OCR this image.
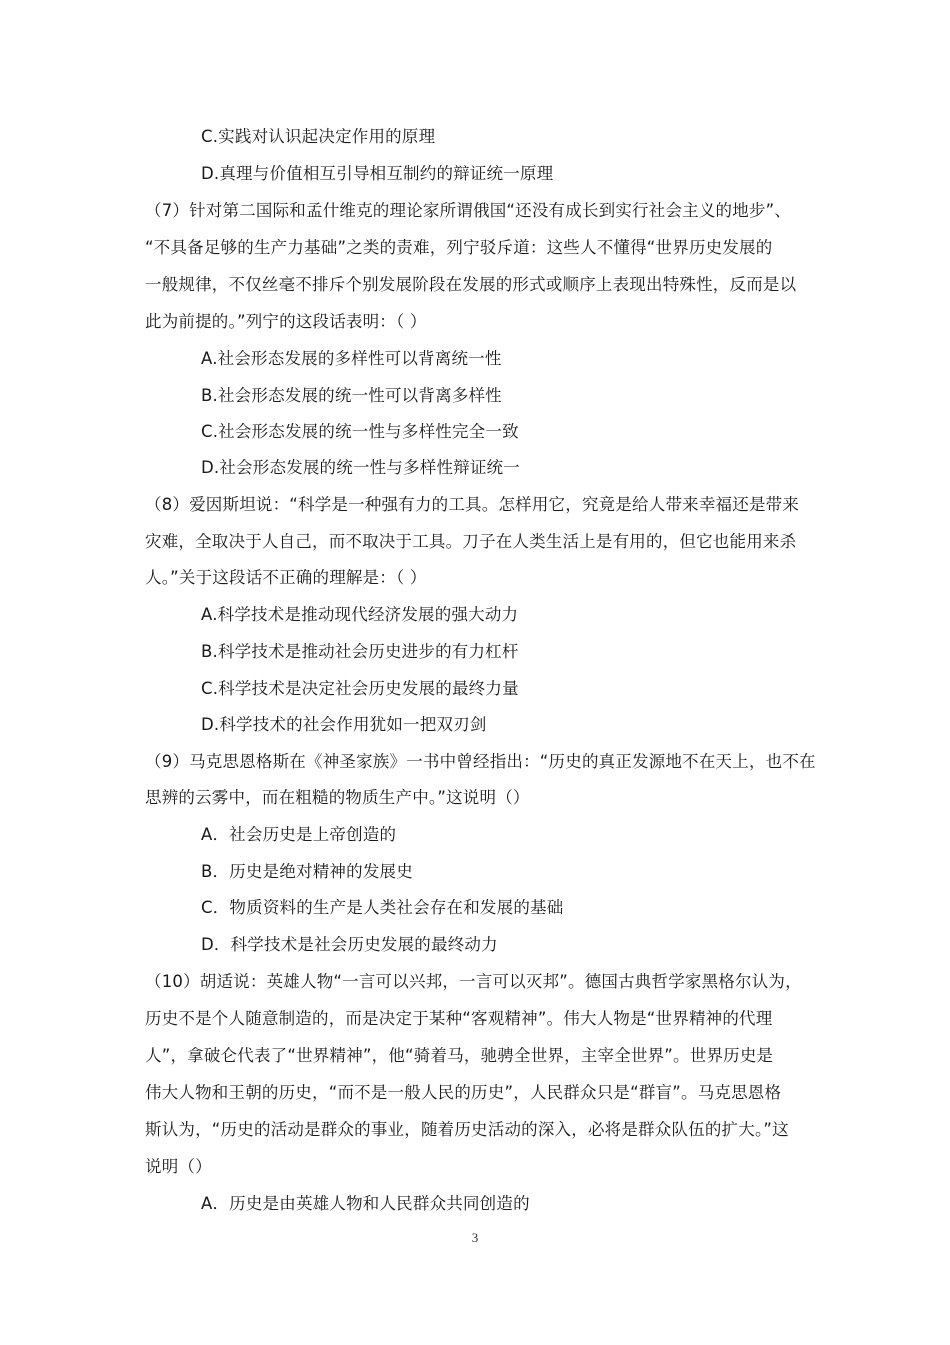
C.实践对认识起决定作用的原理
D.真理与价值相互引导相互制约的辩证统一原理
（7）针对第二国际和孟什维克的理论家所谓俄国“还没有成长到实行社会主义的地步”、
“不具备足够的生产力基础”之类的责难，列宁驳斥道：这些人不懂得“世界历史发展的
一般规律，不仅丝毫不排斥个别发展阶段在发展的形式或顺序上表现出特殊性，反而是以
此为前提的。”列宁的这段话表明：（ ）
A.社会形态发展的多样性可以背离统一性
B.社会形态发展的统一性可以背离多样性
C.社会形态发展的统一性与多样性完全一致
D.社会形态发展的统一性与多样性辩证统一
（8）爱因斯坦说：“科学是一种强有力的工具。怎样用它，究竟是给人带来幸福还是带来
灾难，全取决于人自己，而不取决于工具。刀子在人类生活上是有用的，但它也能用来杀
人。”关于这段话不正确的理解是：（ ）
A.科学技术是推动现代经济发展的强大动力
B.科学技术是推动社会历史进步的有力杠杆
C.科学技术是决定社会历史发展的最终力量
D.科学技术的社会作用犹如一把双刃剑
（9）马克思恩格斯在《神圣家族》一书中曾经指出：“历史的真正发源地不在天上，也不在
思辨的云雾中，而在粗糙的物质生产中。”这说明（）
A．社会历史是上帝创造的
B．历史是绝对精神的发展史
C．物质资料的生产是人类社会存在和发展的基础
D．科学技术是社会历史发展的最终动力
（10）胡适说：英雄人物“一言可以兴邦，一言可以灭邦”。德国古典哲学家黑格尔认为，
历史不是个人随意制造的，而是决定于某种“客观精神”。伟大人物是“世界精神的代理
人”，拿破仑代表了“世界精神”，他“骑着马，驰骋全世界，主宰全世界”。世界历史是
伟大人物和王朝的历史，“而不是一般人民的历史”，人民群众只是“群盲”。马克思恩格
斯认为，“历史的活动是群众的事业，随着历史活动的深入，必将是群众队伍的扩大。”这
说明（）
A．历史是由英雄人物和人民群众共同创造的
3
